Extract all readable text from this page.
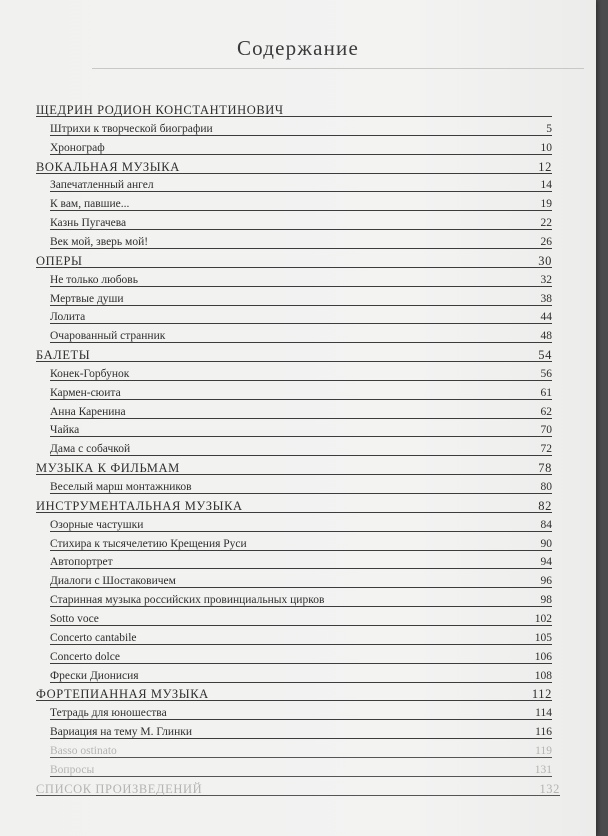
Содержание
ЩЕДРИН РОДИОН КОНСТАНТИНОВИЧ
Штрихи к творческой биографии	5
Хронограф	10
ВОКАЛЬНАЯ МУЗЫКА	12
Запечатленный ангел	14
К вам, павшие...	19
Казнь Пугачева	22
Век мой, зверь мой!	26
ОПЕРЫ	30
Не только любовь	32
Мертвые души	38
Лолита	44
Очарованный странник	48
БАЛЕТЫ	54
Конек-Горбунок	56
Кармен-сюита	61
Анна Каренина	62
Чайка	70
Дама с собачкой	72
МУЗЫКА К ФИЛЬМАМ	78
Веселый марш монтажников	80
ИНСТРУМЕНТАЛЬНАЯ МУЗЫКА	82
Озорные частушки	84
Стихира к тысячелетию Крещения Руси	90
Автопортрет	94
Диалоги с Шостаковичем	96
Старинная музыка российских провинциальных цирков	98
Sotto voce	102
Concerto cantabile	105
Concerto dolce	106
Фрески Дионисия	108
ФОРТЕПИАННАЯ МУЗЫКА	112
Тетрадь для юношества	114
Вариация на тему М. Глинки	116
Basso ostinato	119
Вопросы	131
СПИСОК ПРОИЗВЕДЕНИЙ	132
